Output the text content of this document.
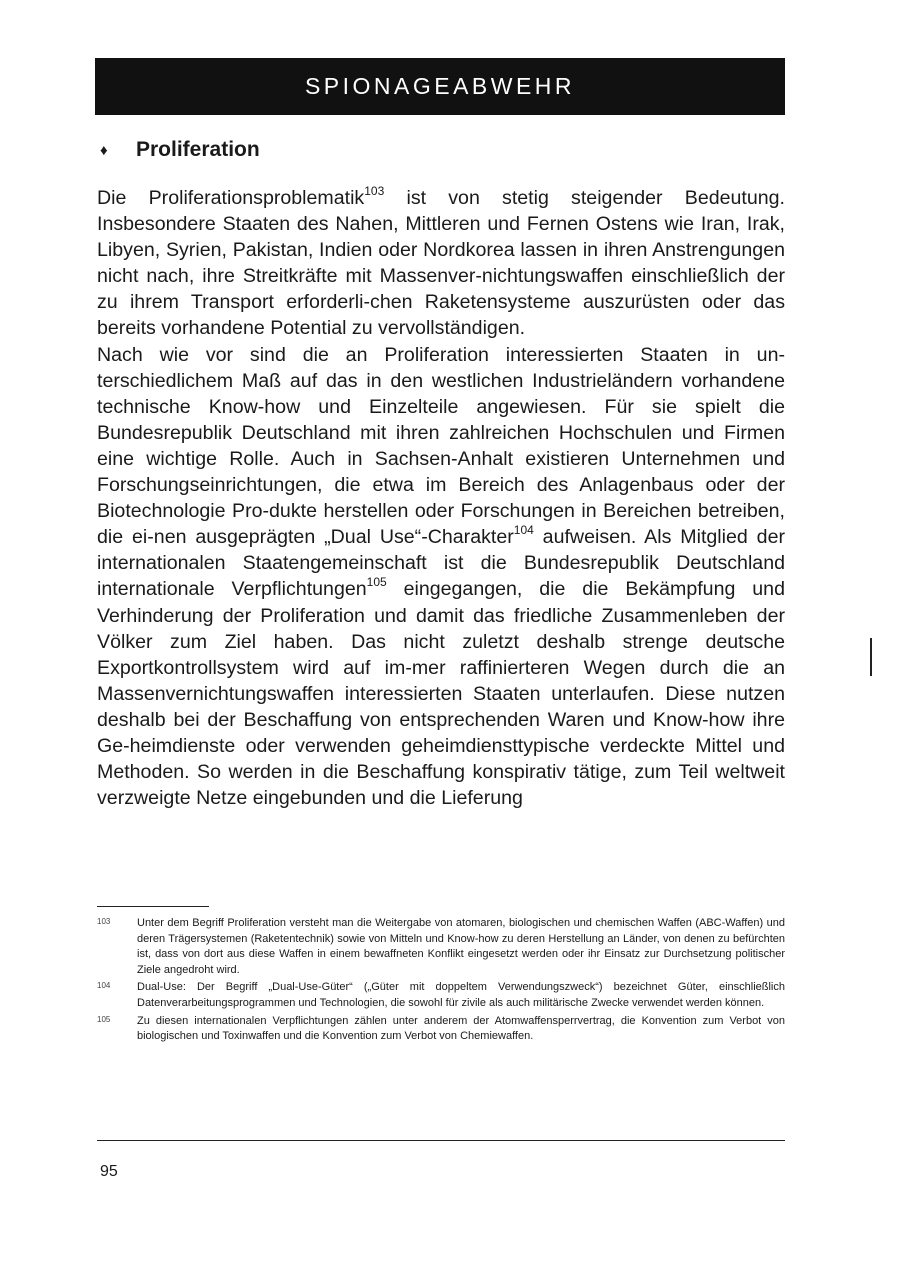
SPIONAGEABWEHR
♦	Proliferation

Die Proliferationsproblematik$^{103}$ ist von stetig steigender Bedeutung. Insbesondere Staaten des Nahen, Mittleren und Fernen Ostens wie Iran, Irak, Libyen, Syrien, Pakistan, Indien oder Nordkorea lassen in ihren Anstrengungen nicht nach, ihre Streitkräfte mit Massenver-nichtungswaffen einschließlich der zu ihrem Transport erforderli-chen Raketensysteme auszurüsten oder das bereits vorhandene Potential zu vervollständigen.

Nach wie vor sind die an Proliferation interessierten Staaten in un-terschiedlichem Maß auf das in den westlichen Industrieländern vorhandene technische Know-how und Einzelteile angewiesen. Für sie spielt die Bundesrepublik Deutschland mit ihren zahlreichen Hochschulen und Firmen eine wichtige Rolle. Auch in Sachsen-Anhalt existieren Unternehmen und Forschungseinrichtungen, die etwa im Bereich des Anlagenbaus oder der Biotechnologie Pro-dukte herstellen oder Forschungen in Bereichen betreiben, die ei-nen ausgeprägten „Dual Use“-Charakter$^{104}$ aufweisen. Als Mitglied der internationalen Staatengemeinschaft ist die Bundesrepublik Deutschland internationale Verpflichtungen$^{105}$ eingegangen, die die Bekämpfung und Verhinderung der Proliferation und damit das friedliche Zusammenleben der Völker zum Ziel haben. Das nicht zuletzt deshalb strenge deutsche Exportkontrollsystem wird auf im-mer raffinierteren Wegen durch die an Massenvernichtungswaffen interessierten Staaten unterlaufen. Diese nutzen deshalb bei der Beschaffung von entsprechenden Waren und Know-how ihre Ge-heimdienste oder verwenden geheimdiensttypische verdeckte Mittel und Methoden. So werden in die Beschaffung konspirativ tätige, zum Teil weltweit verzweigte Netze eingebunden und die Lieferung

103	Unter dem Begriff Proliferation versteht man die Weitergabe von atomaren, biologischen und chemischen Waffen (ABC-Waffen) und deren Trägersystemen (Raketentechnik) sowie von Mitteln und Know-how zu deren Herstellung an Länder, von denen zu befürchten ist, dass von dort aus diese Waffen in einem bewaffneten Konflikt eingesetzt werden oder ihr Einsatz zur Durchsetzung politischer Ziele angedroht wird.
104	Dual-Use: Der Begriff „Dual-Use-Güter“ („Güter mit doppeltem Verwendungszweck“) bezeichnet Güter, einschließlich Datenverarbeitungsprogrammen und Technologien, die sowohl für zivile als auch militärische Zwecke verwendet werden können.
105	Zu diesen internationalen Verpflichtungen zählen unter anderem der Atomwaffensperrvertrag, die Konvention zum Verbot von biologischen und Toxinwaffen und die Konvention zum Verbot von Chemiewaffen.
95
